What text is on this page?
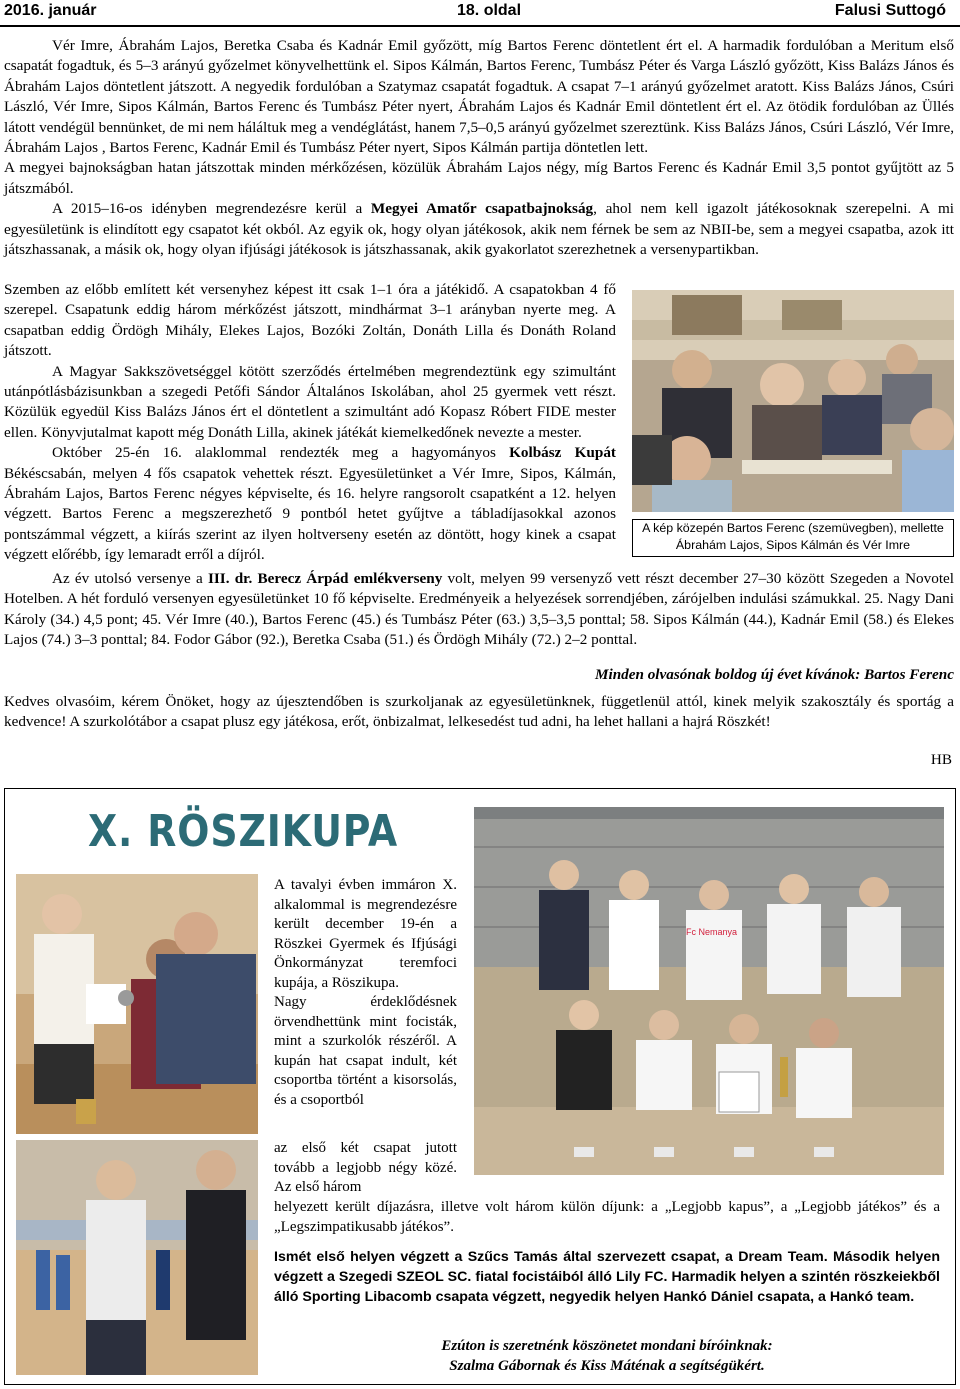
2016. január	18. oldal	Falusi Suttogó

Vér Imre, Ábrahám Lajos, Beretka Csaba és Kadnár Emil győzött, míg Bartos Ferenc döntetlent ért el. A harmadik fordulóban a Meritum első csapatát fogadtuk, és 5–3 arányú győzelmet könyvelhettünk el. Sipos Kálmán, Bartos Ferenc, Tumbász Péter és Varga László győzött, Kiss Balázs János és Ábrahám Lajos döntetlent játszott. A negyedik fordulóban a Szatymaz csapatát fogadtuk. A csapat 7–1 arányú győzelmet aratott. Kiss Balázs János, Csúri László, Vér Imre, Sipos Kálmán, Bartos Ferenc és Tumbász Péter nyert, Ábrahám Lajos és Kadnár Emil döntetlent ért el. Az ötödik fordulóban az Üllés látott vendégül bennünket, de mi nem háláltuk meg a vendéglátást, hanem 7,5–0,5 arányú győzelmet szereztünk. Kiss Balázs János, Csúri László, Vér Imre, Ábrahám Lajos , Bartos Ferenc, Kadnár Emil és Tumbász Péter nyert, Sipos Kálmán partija döntetlen lett.

A megyei bajnokságban hatan játszottak minden mérkőzésen, közülük Ábrahám Lajos négy, míg Bartos Ferenc és Kadnár Emil 3,5 pontot gyűjtött az 5 játszmából.

A 2015–16-os idényben megrendezésre kerül a Megyei Amatőr csapatbajnokság, ahol nem kell igazolt játékosoknak szerepelni. A mi egyesületünk is elindított egy csapatot két okból. Az egyik ok, hogy olyan játékosok, akik nem férnek be sem az NBII-be, sem a megyei csapatba, azok itt játszhassanak, a másik ok, hogy olyan ifjúsági játékosok is játszhassanak, akik gyakorlatot szerezhetnek a versenypartikban.

Szemben az előbb említett két versenyhez képest itt csak 1–1 óra a játékidő. A csapatokban 4 fő szerepel. Csapatunk eddig három mérkőzést játszott, mindhármat 3–1 arányban nyerte meg. A csapatban eddig Ördögh Mihály, Elekes Lajos, Bozóki Zoltán, Donáth Lilla és Donáth Roland játszott.

A Magyar Sakkszövetséggel kötött szerződés értelmében megrendeztünk egy szimultánt utánpótlásbázisunkban a szegedi Petőfi Sándor Általános Iskolában, ahol 25 gyermek vett részt. Közülük egyedül Kiss Balázs János ért el döntetlent a szimultánt adó Kopasz Róbert FIDE mester ellen. Könyvjutalmat kapott még Donáth Lilla, akinek játékát kiemelkedőnek nevezte a mester.

Október 25-én 16. alaklommal rendezték meg a hagyományos Kolbász Kupát Békéscsabán, melyen 4 fős csapatok vehettek részt. Egyesületünket a Vér Imre, Sipos, Kálmán, Ábrahám Lajos, Bartos Ferenc négyes képviselte, és 16. helyre rangsorolt csapatként a 12. helyen végzett. Bartos Ferenc a megszerezhető 9 pontból hetet gyűjtve a tábladíjasokkal azonos pontszámmal végzett, a kiírás szerint az ilyen holtverseny esetén az döntött, hogy kinek a csapat végzett előrébb, így lemaradt erről a díjról.

A kép közepén Bartos Ferenc (szemüvegben), mellette Ábrahám Lajos, Sipos Kálmán és Vér Imre

Az év utolsó versenye a III. dr. Berecz Árpád emlékverseny volt, melyen 99 versenyző vett részt december 27–30 között Szegeden a Novotel Hotelben. A hét forduló versenyen egyesületünket 10 fő képviselte. Eredményeik a helyezések sorrendjében, zárójelben indulási számukkal. 25. Nagy Dani Károly (34.) 4,5 pont; 45. Vér Imre (40.), Bartos Ferenc (45.) és Tumbász Péter (63.) 3,5–3,5 ponttal; 58. Sipos Kálmán (44.), Kadnár Emil (58.) és Elekes Lajos (74.) 3–3 ponttal; 84. Fodor Gábor (92.), Beretka Csaba (51.) és Ördögh Mihály (72.) 2–2 ponttal.

Minden olvasónak boldog új évet kívánok: Bartos Ferenc

Kedves olvasóim, kérem Önöket, hogy az újesztendőben is szurkoljanak az egyesületünknek, függetlenül attól, kinek melyik szakosztály és sportág a kedvence! A szurkolótábor a csapat plusz egy játékosa, erőt, önbizalmat, lelkesedést tud adni, ha lehet hallani a hajrá Röszkét!

HB
X. RÖSZIKUPA
Fc Nemanya

A tavalyi évben immáron X. alkalommal is megrendezésre került december 19-én a Röszkei Gyermek és Ifjúsági Önkormányzat teremfoci kupája, a Röszikupa.

Nagy érdeklődésnek örvendhettünk mint focisták, mint a szurkolók részéről. A kupán hat csapat indult, két csoportba történt a kisorsolás, és a csoportból

az első két csapat jutott tovább a legjobb négy közé. Az első három

helyezett került díjazásra, illetve volt három külön díjunk: a „Legjobb kapus”, a „Legjobb játékos” és a „Legszimpatikusabb játékos”.

Ismét első helyen végzett a Szűcs Tamás által szervezett csapat, a Dream Team. Második helyen végzett a Szegedi SZEOL SC. fiatal focistáiból álló Lily FC. Harmadik helyen a szintén röszkeiekből álló Sporting Libacomb csapata végzett, negyedik helyen Hankó Dániel csapata, a Hankó team.
Ezúton is szeretnénk köszönetet mondani bíróinknak:
Szalma Gábornak és Kiss Máténak a segítségükért.
